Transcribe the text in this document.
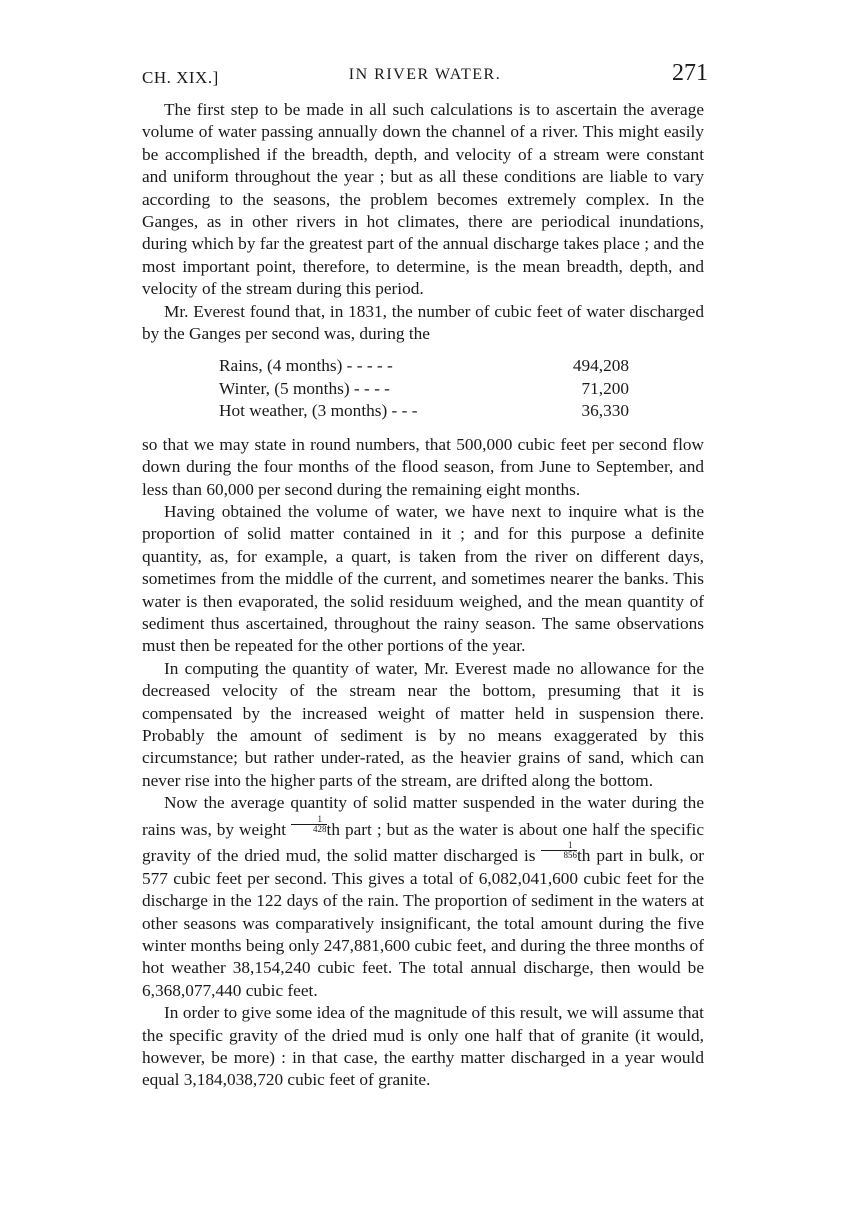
CH. XIX.]	IN RIVER WATER.	271

The first step to be made in all such calculations is to ascertain the average volume of water passing annually down the channel of a river. This might easily be accomplished if the breadth, depth, and velocity of a stream were constant and uniform throughout the year ; but as all these conditions are liable to vary according to the seasons, the problem becomes extremely complex. In the Ganges, as in other rivers in hot climates, there are periodical inundations, during which by far the greatest part of the annual discharge takes place ; and the most important point, therefore, to determine, is the mean breadth, depth, and velocity of the stream during this period.

Mr. Everest found that, in 1831, the number of cubic feet of water discharged by the Ganges per second was, during the

Rains, (4 months) - - - - -	494,208
Winter, (5 months) - - - -	71,200
Hot weather, (3 months) - - -	36,330

so that we may state in round numbers, that 500,000 cubic feet per second flow down during the four months of the flood season, from June to September, and less than 60,000 per second during the remaining eight months.

Having obtained the volume of water, we have next to inquire what is the proportion of solid matter contained in it ; and for this purpose a definite quantity, as, for example, a quart, is taken from the river on different days, sometimes from the middle of the current, and sometimes nearer the banks. This water is then evaporated, the solid residuum weighed, and the mean quantity of sediment thus ascertained, throughout the rainy season. The same observations must then be repeated for the other portions of the year.

In computing the quantity of water, Mr. Everest made no allowance for the decreased velocity of the stream near the bottom, presuming that it is compensated by the increased weight of matter held in suspension there. Probably the amount of sediment is by no means exaggerated by this circumstance; but rather under-rated, as the heavier grains of sand, which can never rise into the higher parts of the stream, are drifted along the bottom.

Now the average quantity of solid matter suspended in the water during the rains was, by weight $\frac{1}{428}$ th part ; but as the water is about one half the specific gravity of the dried mud, the solid matter discharged is $\frac{1}{856}$ th part in bulk, or 577 cubic feet per second. This gives a total of 6,082,041,600 cubic feet for the discharge in the 122 days of the rain. The proportion of sediment in the waters at other seasons was comparatively insignificant, the total amount during the five winter months being only 247,881,600 cubic feet, and during the three months of hot weather 38,154,240 cubic feet. The total annual discharge, then would be 6,368,077,440 cubic feet.

In order to give some idea of the magnitude of this result, we will assume that the specific gravity of the dried mud is only one half that of granite (it would, however, be more) : in that case, the earthy matter discharged in a year would equal 3,184,038,720 cubic feet of granite.
